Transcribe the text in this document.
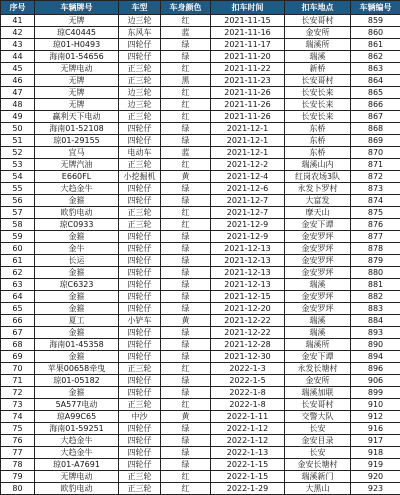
序号	车辆牌号	车型	车身颜色	扣车时间	扣车地点	车辆编号
41	无牌	边三轮	红	2021-11-15	长安哥村	859
42	琼C40445	东风车	蓝	2021-11-16	金安所	860
43	琼01-H0493	四轮仔	绿	2021-11-17	瑞溪所	861
44	海南01-54656	四轮仔	绿	2021-11-20	瑞溪	862
45	无牌电动	正三轮	红	2021-11-22	新桥	863
46	无牌	正三轮	黑	2021-11-23	长安哥村	864
47	无牌	边三轮	红	2021-11-26	长安长来	865
48	无牌	边三轮	红	2021-11-26	长安长来	866
49	赢利天下电动	正三轮	红	2021-11-26	长安长来	867
50	海南01-52108	四轮仔	绿	2021-12-1	东桥	868
51	琼01-29155	四轮仔	绿	2021-12-1	东桥	869
52	宜马	电动车	蓝	2021-12-1	东桥	870
53	无牌汽油	正三轮	红	2021-12-2	瑞溪山内	871
54	E660FL	小挖掘机	黄	2021-12-4	红岗农场3队	872
55	大趋金牛	四轮仔	绿	2021-12-6	永发卜罗村	873
56	金箍	四轮仔	绿	2021-12-7	大富发	874
57	欧豹电动	正三轮	红	2021-12-7	摩天山	875
58	琼C0933	正三轮	红	2021-12-9	金安下谭	876
59	金箍	四轮仔	绿	2021-12-9	金安罗坪	877
60	金牛	四轮仔	绿	2021-12-13	金安罗坪	878
61	长运	四轮仔	绿	2021-12-13	金安罗坪	879
62	金箍	四轮仔	绿	2021-12-13	金安罗坪	880
63	琼C6323	四轮仔	绿	2021-12-13	瑞溪	881
64	金箍	四轮仔	绿	2021-12-15	金安罗坪	882
65	金箍	四轮仔	绿	2021-12-20	金安罗坪	883
66	夏工	小铲车	黄	2021-12-22	瑞溪	884
67	金箍	四轮仔	绿	2021-12-22	瑞溪	893
68	海南01-45358	四轮仔	绿	2021-12-28	瑞溪所	890
69	金箍	四轮仔	绿	2021-12-30	金安下谭	894
70	苹果00658牵曳	正三轮	红	2022-1-3	永发长塘村	896
71	琼01-05182	四轮仔	绿	2022-1-5	金安所	906
72	金箍	四轮仔	绿	2022-1-8	瑞溪加联	899
73	5A577电动	正三轮	红	2022-1-8	长安哥村	910
74	琼A99C65	中沙	黄	2022-1-11	交警大队	912
75	海南01-59251	四轮仔	绿	2022-1-12	长安	916
76	大趋金牛	四轮仔	绿	2022-1-12	金安目录	917
77	大趋金牛	四轮仔	绿	2022-1-13	长安	918
78	琼01-A7691	四轮仔	绿	2022-1-15	金安长塘村	919
79	无牌电动	正三轮	红	2022-1-15	瑞溪新门	920
80	欧豹电动	正三轮	红	2022-1-29	大黑山	923
